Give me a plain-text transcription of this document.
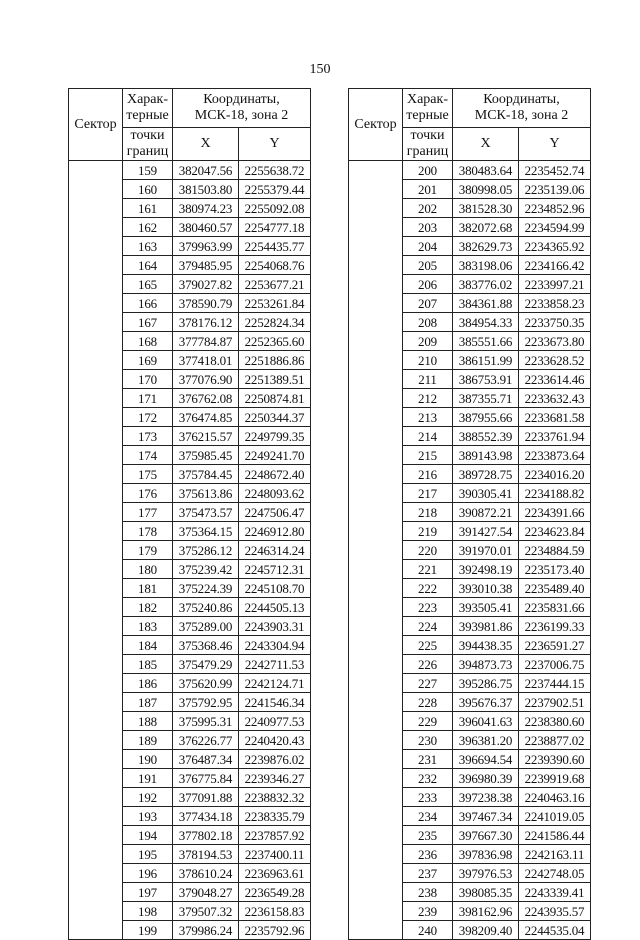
150
Сектор	Харак-
терные	Координаты,
МСК-18, зона 2	
	точки
границ	X	Y
	159	382047.56	2255638.72
	160	381503.80	2255379.44
	161	380974.23	2255092.08
	162	380460.57	2254777.18
	163	379963.99	2254435.77
	164	379485.95	2254068.76
	165	379027.82	2253677.21
	166	378590.79	2253261.84
	167	378176.12	2252824.34
	168	377784.87	2252365.60
	169	377418.01	2251886.86
	170	377076.90	2251389.51
	171	376762.08	2250874.81
	172	376474.85	2250344.37
	173	376215.57	2249799.35
	174	375985.45	2249241.70
	175	375784.45	2248672.40
	176	375613.86	2248093.62
	177	375473.57	2247506.47
	178	375364.15	2246912.80
	179	375286.12	2246314.24
	180	375239.42	2245712.31
	181	375224.39	2245108.70
	182	375240.86	2244505.13
	183	375289.00	2243903.31
	184	375368.46	2243304.94
	185	375479.29	2242711.53
	186	375620.99	2242124.71
	187	375792.95	2241546.34
	188	375995.31	2240977.53
	189	376226.77	2240420.43
	190	376487.34	2239876.02
	191	376775.84	2239346.27
	192	377091.88	2238832.32
	193	377434.18	2238335.79
	194	377802.18	2237857.92
	195	378194.53	2237400.11
	196	378610.24	2236963.61
	197	379048.27	2236549.28
	198	379507.32	2236158.83
	199	379986.24	2235792.96
Сектор	Харак-
терные	Координаты,
МСК-18, зона 2	
	точки
границ	X	Y
	200	380483.64	2235452.74
	201	380998.05	2235139.06
	202	381528.30	2234852.96
	203	382072.68	2234594.99
	204	382629.73	2234365.92
	205	383198.06	2234166.42
	206	383776.02	2233997.21
	207	384361.88	2233858.23
	208	384954.33	2233750.35
	209	385551.66	2233673.80
	210	386151.99	2233628.52
	211	386753.91	2233614.46
	212	387355.71	2233632.43
	213	387955.66	2233681.58
	214	388552.39	2233761.94
	215	389143.98	2233873.64
	216	389728.75	2234016.20
	217	390305.41	2234188.82
	218	390872.21	2234391.66
	219	391427.54	2234623.84
	220	391970.01	2234884.59
	221	392498.19	2235173.40
	222	393010.38	2235489.40
	223	393505.41	2235831.66
	224	393981.86	2236199.33
	225	394438.35	2236591.27
	226	394873.73	2237006.75
	227	395286.75	2237444.15
	228	395676.37	2237902.51
	229	396041.63	2238380.60
	230	396381.20	2238877.02
	231	396694.54	2239390.60
	232	396980.39	2239919.68
	233	397238.38	2240463.16
	234	397467.34	2241019.05
	235	397667.30	2241586.44
	236	397836.98	2242163.11
	237	397976.53	2242748.05
	238	398085.35	2243339.41
	239	398162.96	2243935.57
	240	398209.40	2244535.04
